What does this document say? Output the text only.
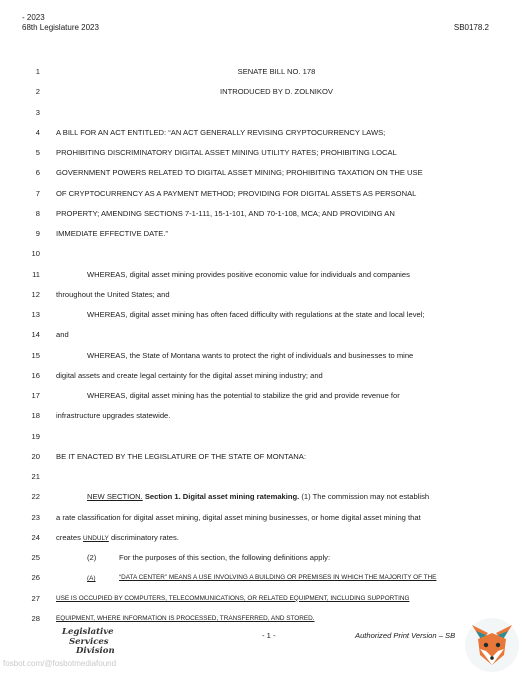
- 2023
68th Legislature 2023	SB0178.2
1	SENATE BILL NO. 178
2	INTRODUCED BY D. ZOLNIKOV
3
4 A BILL FOR AN ACT ENTITLED: “AN ACT GENERALLY REVISING CRYPTOCURRENCY LAWS;
5 PROHIBITING DISCRIMINATORY DIGITAL ASSET MINING UTILITY RATES; PROHIBITING LOCAL
6 GOVERNMENT POWERS RELATED TO DIGITAL ASSET MINING; PROHIBITING TAXATION ON THE USE
7 OF CRYPTOCURRENCY AS A PAYMENT METHOD; PROVIDING FOR DIGITAL ASSETS AS PERSONAL
8 PROPERTY; AMENDING SECTIONS 7-1-111, 15-1-101, AND 70-1-108, MCA; AND PROVIDING AN
9 IMMEDIATE EFFECTIVE DATE.”
10
11	WHEREAS, digital asset mining provides positive economic value for individuals and companies
12 throughout the United States; and
13	WHEREAS, digital asset mining has often faced difficulty with regulations at the state and local level;
14 and
15	WHEREAS, the State of Montana wants to protect the right of individuals and businesses to mine
16 digital assets and create legal certainty for the digital asset mining industry; and
17	WHEREAS, digital asset mining has the potential to stabilize the grid and provide revenue for
18 infrastructure upgrades statewide.
19
20 BE IT ENACTED BY THE LEGISLATURE OF THE STATE OF MONTANA:
21
22	NEW SECTION. Section 1. Digital asset mining ratemaking. (1) The commission may not establish
23 a rate classification for digital asset mining, digital asset mining businesses, or home digital asset mining that
24 creates UNDULY discriminatory rates.
25	(2)	For the purposes of this section, the following definitions apply:
26	(A)	“DATA CENTER” MEANS A USE INVOLVING A BUILDING OR PREMISES IN WHICH THE MAJORITY OF THE
27	USE IS OCCUPIED BY COMPUTERS, TELECOMMUNICATIONS, OR RELATED EQUIPMENT, INCLUDING SUPPORTING
28	EQUIPMENT, WHERE INFORMATION IS PROCESSED, TRANSFERRED, AND STORED.
Legislative
Services
Division
- 1 -	Authorized Print Version – SB
fosbot.com/@fosbotmediafound
